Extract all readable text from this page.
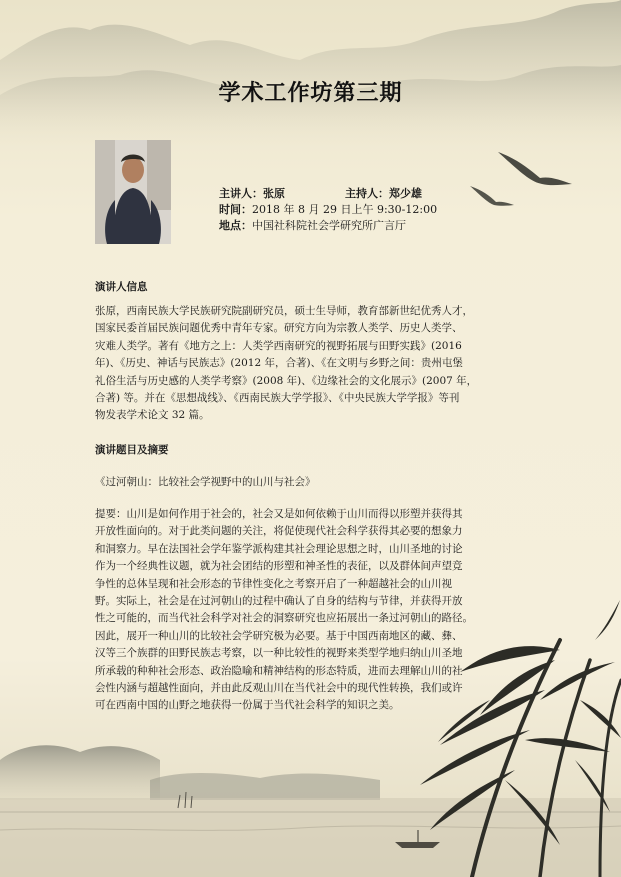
学术工作坊第三期
主讲人：张原	主持人：郑少雄
时间：2018 年 8 月 29 日上午 9:30-12:00
地点：中国社科院社会学研究所广言厅
演讲人信息
张原，西南民族大学民族研究院副研究员，硕士生导师，教育部新世纪优秀人才，
国家民委首届民族问题优秀中青年专家。研究方向为宗教人类学、历史人类学、
灾难人类学。著有《地方之上：人类学西南研究的视野拓展与田野实践》(2016
年)、《历史、神话与民族志》(2012 年，合著)、《在文明与乡野之间：贵州屯堡
礼俗生活与历史感的人类学考察》(2008 年)、《边缘社会的文化展示》(2007 年，
合著) 等。并在《思想战线》、《西南民族大学学报》、《中央民族大学学报》等刊
物发表学术论文 32 篇。
演讲题目及摘要
《过河朝山：比较社会学视野中的山川与社会》
提要：山川是如何作用于社会的，社会又是如何依赖于山川而得以形塑并获得其
开放性面向的。对于此类问题的关注，将促使现代社会科学获得其必要的想象力
和洞察力。早在法国社会学年鉴学派构建其社会理论思想之时，山川圣地的讨论
作为一个经典性议题，就为社会团结的形塑和神圣性的表征，以及群体间声望竞
争性的总体呈现和社会形态的节律性变化之考察开启了一种超越社会的山川视
野。实际上，社会是在过河朝山的过程中确认了自身的结构与节律，并获得开放
性之可能的，而当代社会科学对社会的洞察研究也应拓展出一条过河朝山的路径。
因此，展开一种山川的比较社会学研究极为必要。基于中国西南地区的藏、彝、
汉等三个族群的田野民族志考察，以一种比较性的视野来类型学地归纳山川圣地
所承载的种种社会形态、政治隐喻和精神结构的形态特质，进而去理解山川的社
会性内涵与超越性面向，并由此反观山川在当代社会中的现代性转换，我们或许
可在西南中国的山野之地获得一份属于当代社会科学的知识之美。
